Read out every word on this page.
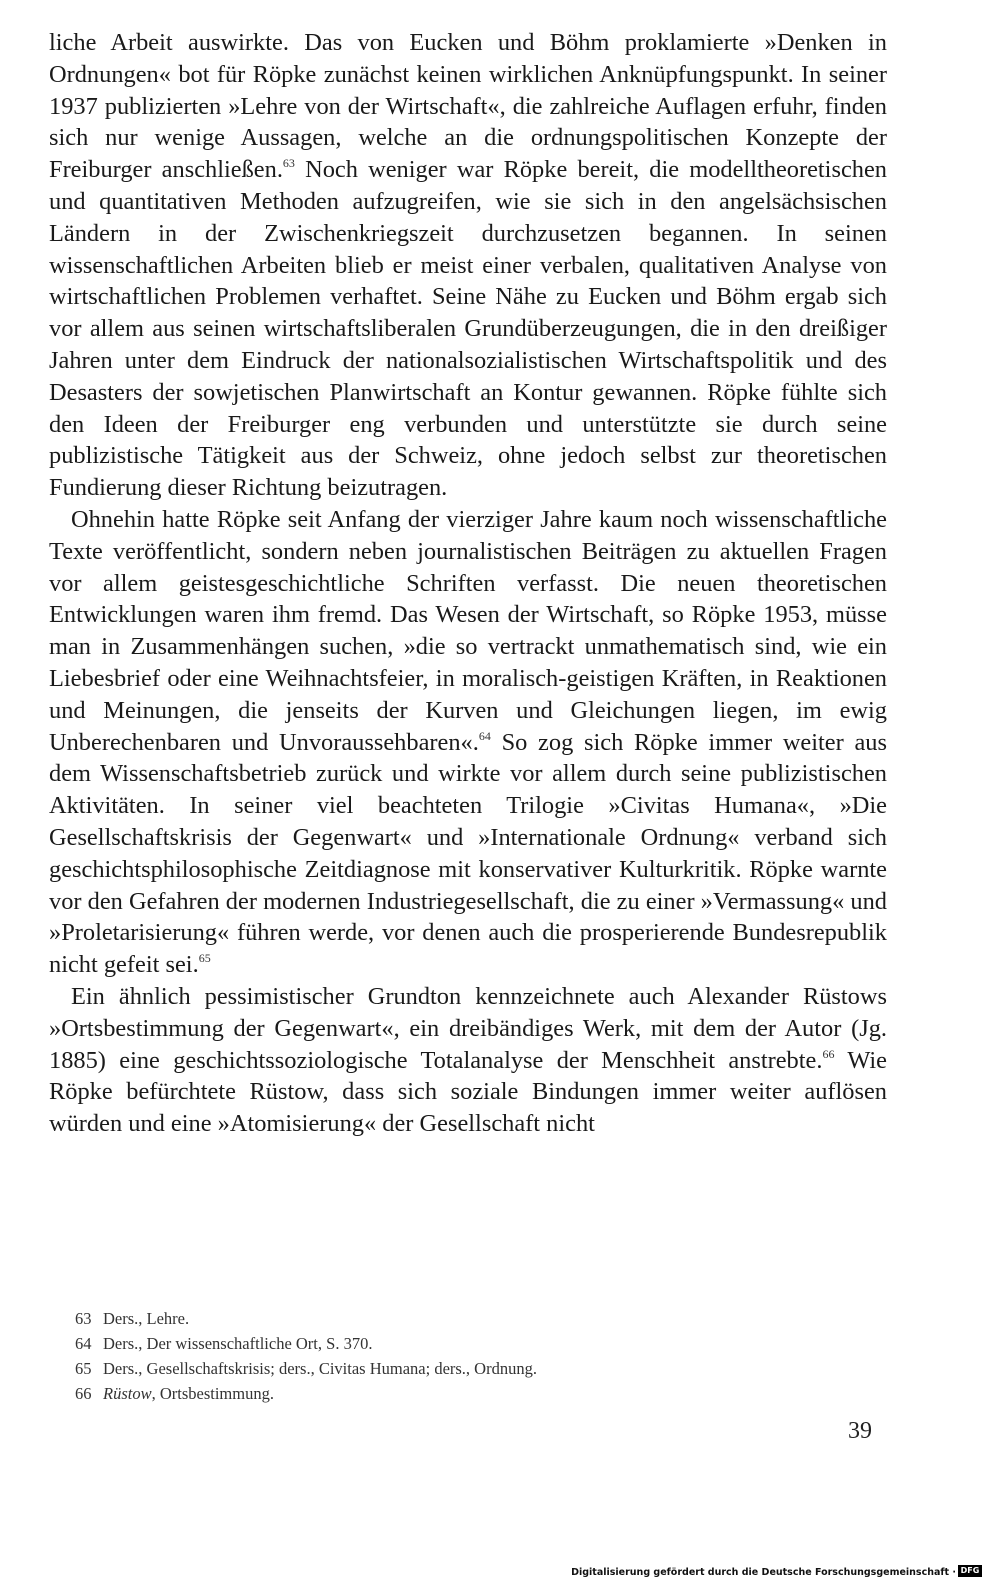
liche Arbeit auswirkte. Das von Eucken und Böhm proklamierte »Denken in Ordnungen« bot für Röpke zunächst keinen wirklichen Anknüpfungspunkt. In seiner 1937 publizierten »Lehre von der Wirtschaft«, die zahlreiche Auflagen erfuhr, finden sich nur wenige Aussagen, welche an die ordnungspolitischen Konzepte der Freiburger anschließen.$^{63}$ Noch weniger war Röpke bereit, die modelltheoretischen und quantitativen Methoden aufzugreifen, wie sie sich in den angelsächsischen Ländern in der Zwischenkriegszeit durchzusetzen begannen. In seinen wissenschaftlichen Arbeiten blieb er meist einer verbalen, qualitativen Analyse von wirtschaftlichen Problemen verhaftet. Seine Nähe zu Eucken und Böhm ergab sich vor allem aus seinen wirtschaftsliberalen Grundüberzeugungen, die in den dreißiger Jahren unter dem Eindruck der nationalsozialistischen Wirtschaftspolitik und des Desasters der sowjetischen Planwirtschaft an Kontur gewannen. Röpke fühlte sich den Ideen der Freiburger eng verbunden und unterstützte sie durch seine publizistische Tätigkeit aus der Schweiz, ohne jedoch selbst zur theoretischen Fundierung dieser Richtung beizutragen.

Ohnehin hatte Röpke seit Anfang der vierziger Jahre kaum noch wissenschaftliche Texte veröffentlicht, sondern neben journalistischen Beiträgen zu aktuellen Fragen vor allem geistesgeschichtliche Schriften verfasst. Die neuen theoretischen Entwicklungen waren ihm fremd. Das Wesen der Wirtschaft, so Röpke 1953, müsse man in Zusammenhängen suchen, »die so vertrackt unmathematisch sind, wie ein Liebesbrief oder eine Weihnachtsfeier, in moralisch-geistigen Kräften, in Reaktionen und Meinungen, die jenseits der Kurven und Gleichungen liegen, im ewig Unberechenbaren und Unvoraussehbaren«.$^{64}$ So zog sich Röpke immer weiter aus dem Wissenschaftsbetrieb zurück und wirkte vor allem durch seine publizistischen Aktivitäten. In seiner viel beachteten Trilogie »Civitas Humana«, »Die Gesellschaftskrisis der Gegenwart« und »Internationale Ordnung« verband sich geschichtsphilosophische Zeitdiagnose mit konservativer Kulturkritik. Röpke warnte vor den Gefahren der modernen Industriegesellschaft, die zu einer »Vermassung« und »Proletarisierung« führen werde, vor denen auch die prosperierende Bundesrepublik nicht gefeit sei.$^{65}$

Ein ähnlich pessimistischer Grundton kennzeichnete auch Alexander Rüstows »Ortsbestimmung der Gegenwart«, ein dreibändiges Werk, mit dem der Autor (Jg. 1885) eine geschichtssoziologische Totalanalyse der Menschheit anstrebte.$^{66}$ Wie Röpke befürchtete Rüstow, dass sich soziale Bindungen immer weiter auflösen würden und eine »Atomisierung« der Gesellschaft nicht

63 Ders., Lehre.
64 Ders., Der wissenschaftliche Ort, S. 370.
65 Ders., Gesellschaftskrisis; ders., Civitas Humana; ders., Ordnung.
66 Rüstow, Ortsbestimmung.
39
Digitalisierung gefördert durch die Deutsche Forschungsgemeinschaft · DFG
